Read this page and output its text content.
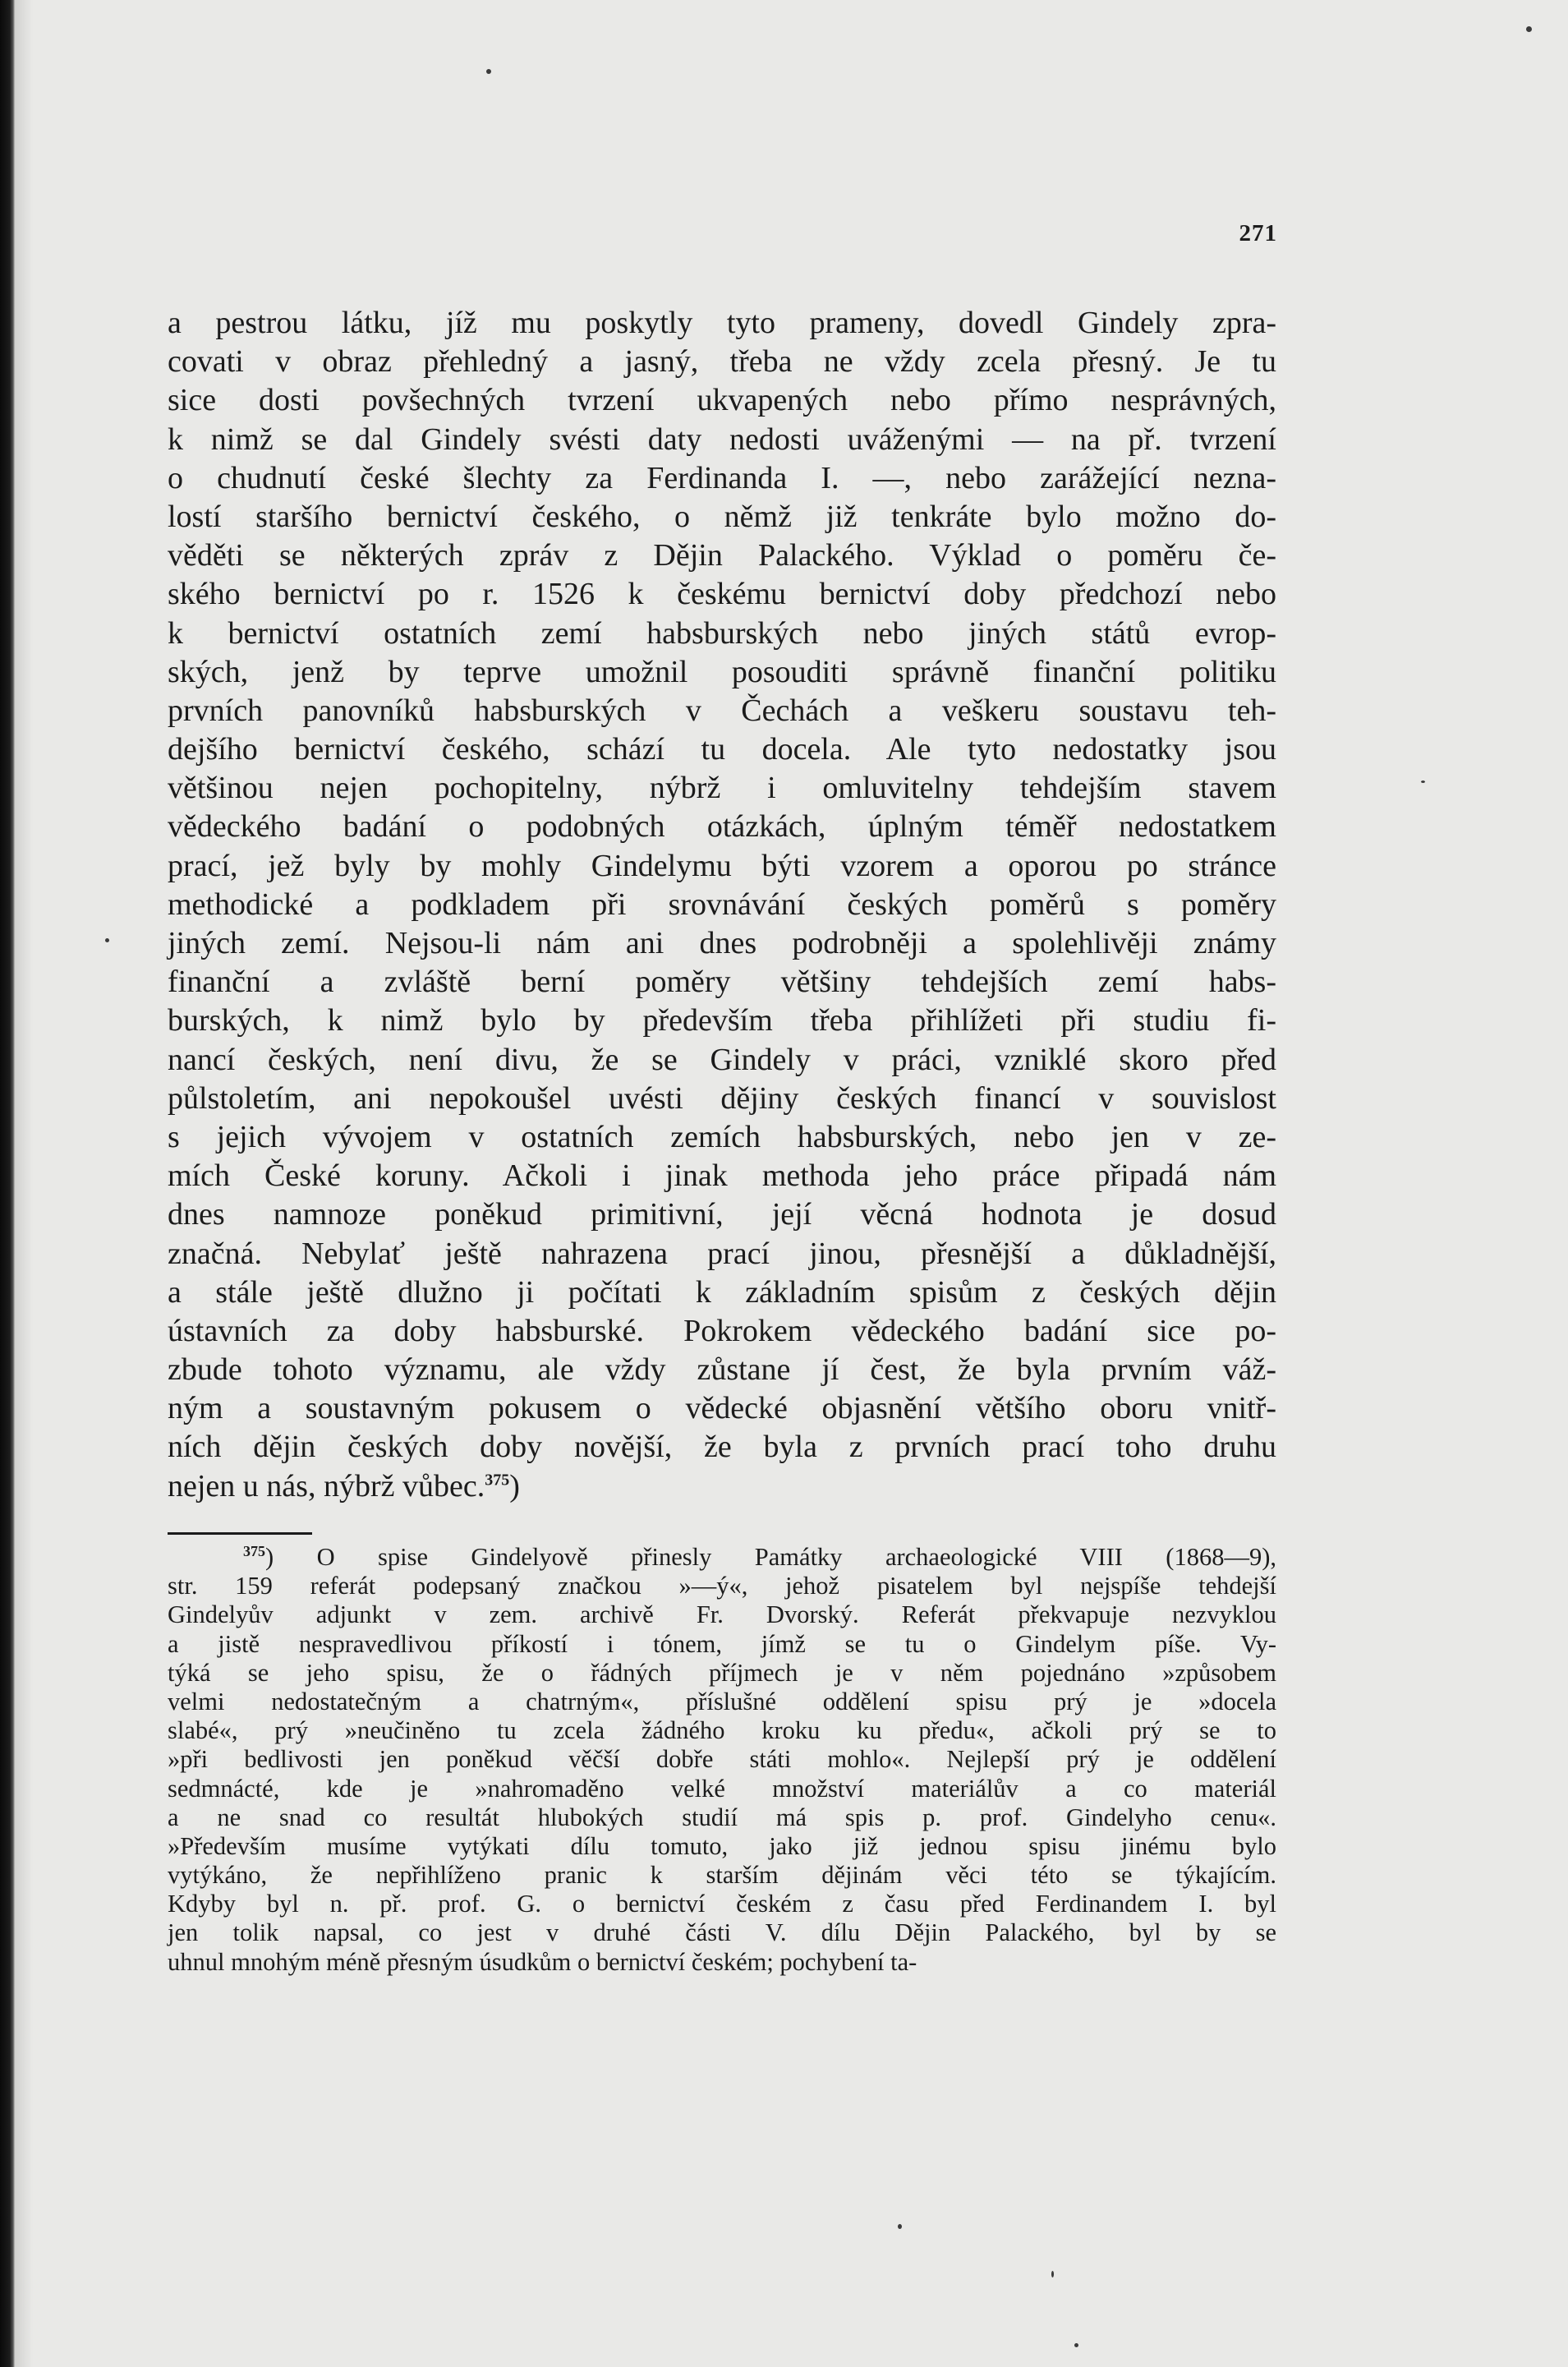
271
a pestrou látku, jíž mu poskytly tyto prameny, dovedl Gindely zpra-
covati v obraz přehledný a jasný, třeba ne vždy zcela přesný. Je tu
sice dosti povšechných tvrzení ukvapených nebo přímo nesprávných,
k nimž se dal Gindely svésti daty nedosti uváženými — na př. tvrzení
o chudnutí české šlechty za Ferdinanda I. —, nebo zarážející nezna-
lostí staršího bernictví českého, o němž již tenkráte bylo možno do-
věděti se některých zpráv z Dějin Palackého. Výklad o poměru če-
ského bernictví po r. 1526 k českému bernictví doby předchozí nebo
k bernictví ostatních zemí habsburských nebo jiných států evrop-
ských, jenž by teprve umožnil posouditi správně finanční politiku
prvních panovníků habsburských v Čechách a veškeru soustavu teh-
dejšího bernictví českého, schází tu docela. Ale tyto nedostatky jsou
většinou nejen pochopitelny, nýbrž i omluvitelny tehdejším stavem
vědeckého badání o podobných otázkách, úplným téměř nedostatkem
prací, jež byly by mohly Gindelymu býti vzorem a oporou po stránce
methodické a podkladem při srovnávání českých poměrů s poměry
jiných zemí. Nejsou-li nám ani dnes podrobněji a spolehlivěji známy
finanční a zvláště berní poměry většiny tehdejších zemí habs-
burských, k nimž bylo by především třeba přihlížeti při studiu fi-
nancí českých, není divu, že se Gindely v práci, vzniklé skoro před
půlstoletím, ani nepokoušel uvésti dějiny českých financí v souvislost
s jejich vývojem v ostatních zemích habsburských, nebo jen v ze-
mích České koruny. Ačkoli i jinak methoda jeho práce připadá nám
dnes namnoze poněkud primitivní, její věcná hodnota je dosud
značná. Nebylať ještě nahrazena prací jinou, přesnější a důkladnější,
a stále ještě dlužno ji počítati k základním spisům z českých dějin
ústavních za doby habsburské. Pokrokem vědeckého badání sice po-
zbude tohoto významu, ale vždy zůstane jí čest, že byla prvním váž-
ným a soustavným pokusem o vědecké objasnění většího oboru vnitř-
ních dějin českých doby novější, že byla z prvních prací toho druhu
nejen u nás, nýbrž vůbec.$^{375}$)
$^{375}$) O spise Gindelyově přinesly Památky archaeologické VIII (1868—9),
str. 159 referát podepsaný značkou »—ý«, jehož pisatelem byl nejspíše tehdejší
Gindelyův adjunkt v zem. archivě Fr. Dvorský. Referát překvapuje nezvyklou
a jistě nespravedlivou příkostí i tónem, jímž se tu o Gindelym píše. Vy-
týká se jeho spisu, že o řádných příjmech je v něm pojednáno »způsobem
velmi nedostatečným a chatrným«, příslušné oddělení spisu prý je »docela
slabé«, prý »neučiněno tu zcela žádného kroku ku předu«, ačkoli prý se to
»při bedlivosti jen poněkud věčší dobře státi mohlo«. Nejlepší prý je oddělení
sedmnácté, kde je »nahromaděno velké množství materiálův a co materiál
a ne snad co resultát hlubokých studií má spis p. prof. Gindelyho cenu«.
»Především musíme vytýkati dílu tomuto, jako již jednou spisu jinému bylo
vytýkáno, že nepřihlíženo pranic k starším dějinám věci této se týkajícím.
Kdyby byl n. př. prof. G. o bernictví českém z času před Ferdinandem I. byl
jen tolik napsal, co jest v druhé části V. dílu Dějin Palackého, byl by se
uhnul mnohým méně přesným úsudkům o bernictví českém; pochybení ta-
